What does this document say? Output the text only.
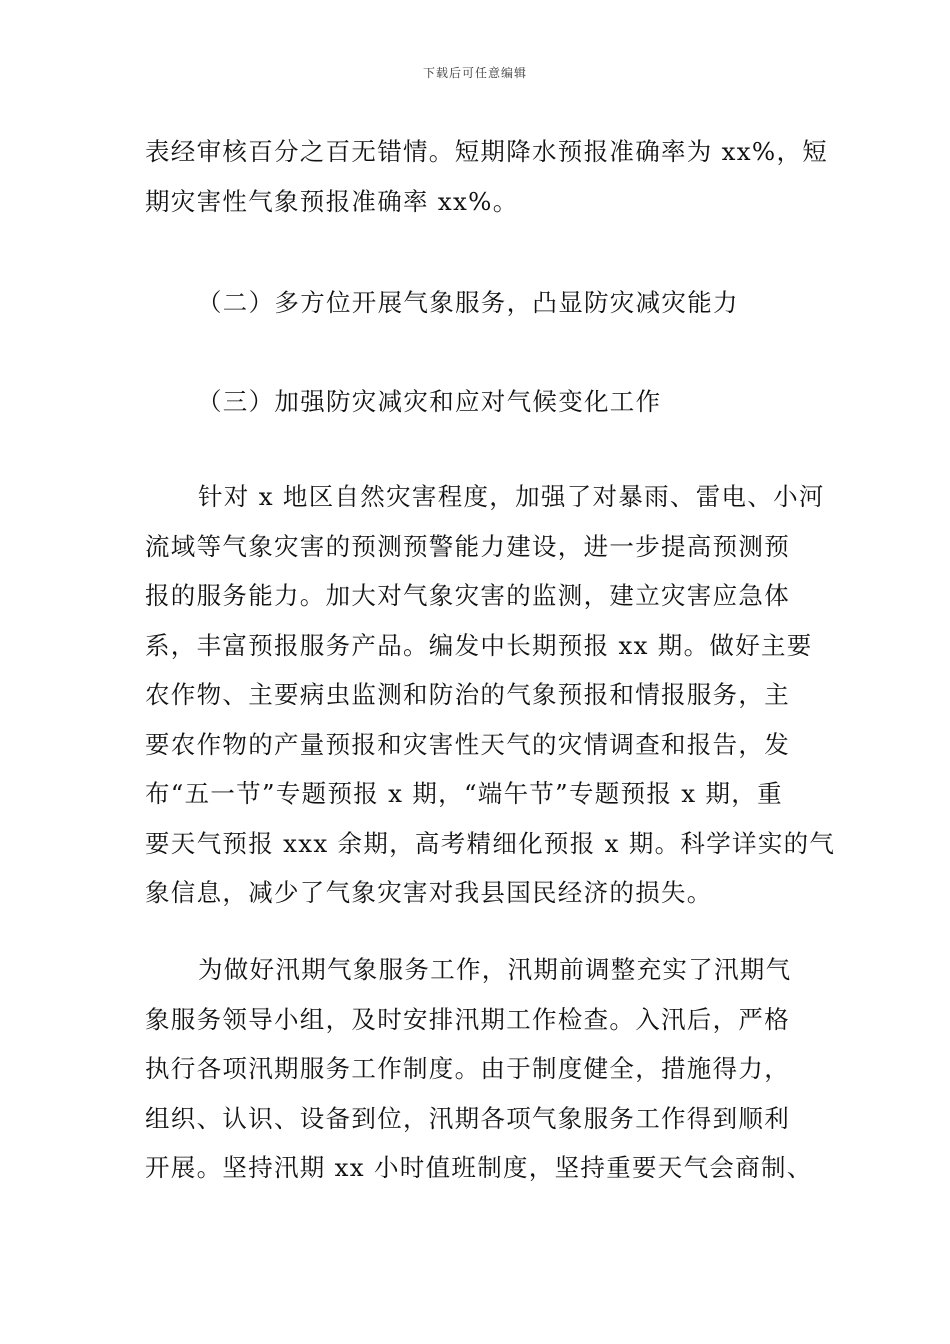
下载后可任意编辑
表经审核百分之百无错情。短期降水预报准确率为 xx%，短
期灾害性气象预报准确率 xx%。
（二）多方位开展气象服务，凸显防灾减灾能力
（三）加强防灾减灾和应对气候变化工作
针对 x 地区自然灾害程度，加强了对暴雨、雷电、小河
流域等气象灾害的预测预警能力建设，进一步提高预测预
报的服务能力。加大对气象灾害的监测，建立灾害应急体
系，丰富预报服务产品。编发中长期预报 xx 期。做好主要
农作物、主要病虫监测和防治的气象预报和情报服务，主
要农作物的产量预报和灾害性天气的灾情调查和报告，发
布“五一节”专题预报 x 期，“端午节”专题预报 x 期，重
要天气预报 xxx 余期，高考精细化预报 x 期。科学详实的气
象信息，减少了气象灾害对我县国民经济的损失。
为做好汛期气象服务工作，汛期前调整充实了汛期气
象服务领导小组，及时安排汛期工作检查。入汛后，严格
执行各项汛期服务工作制度。由于制度健全，措施得力，
组织、认识、设备到位，汛期各项气象服务工作得到顺利
开展。坚持汛期 xx 小时值班制度，坚持重要天气会商制、
